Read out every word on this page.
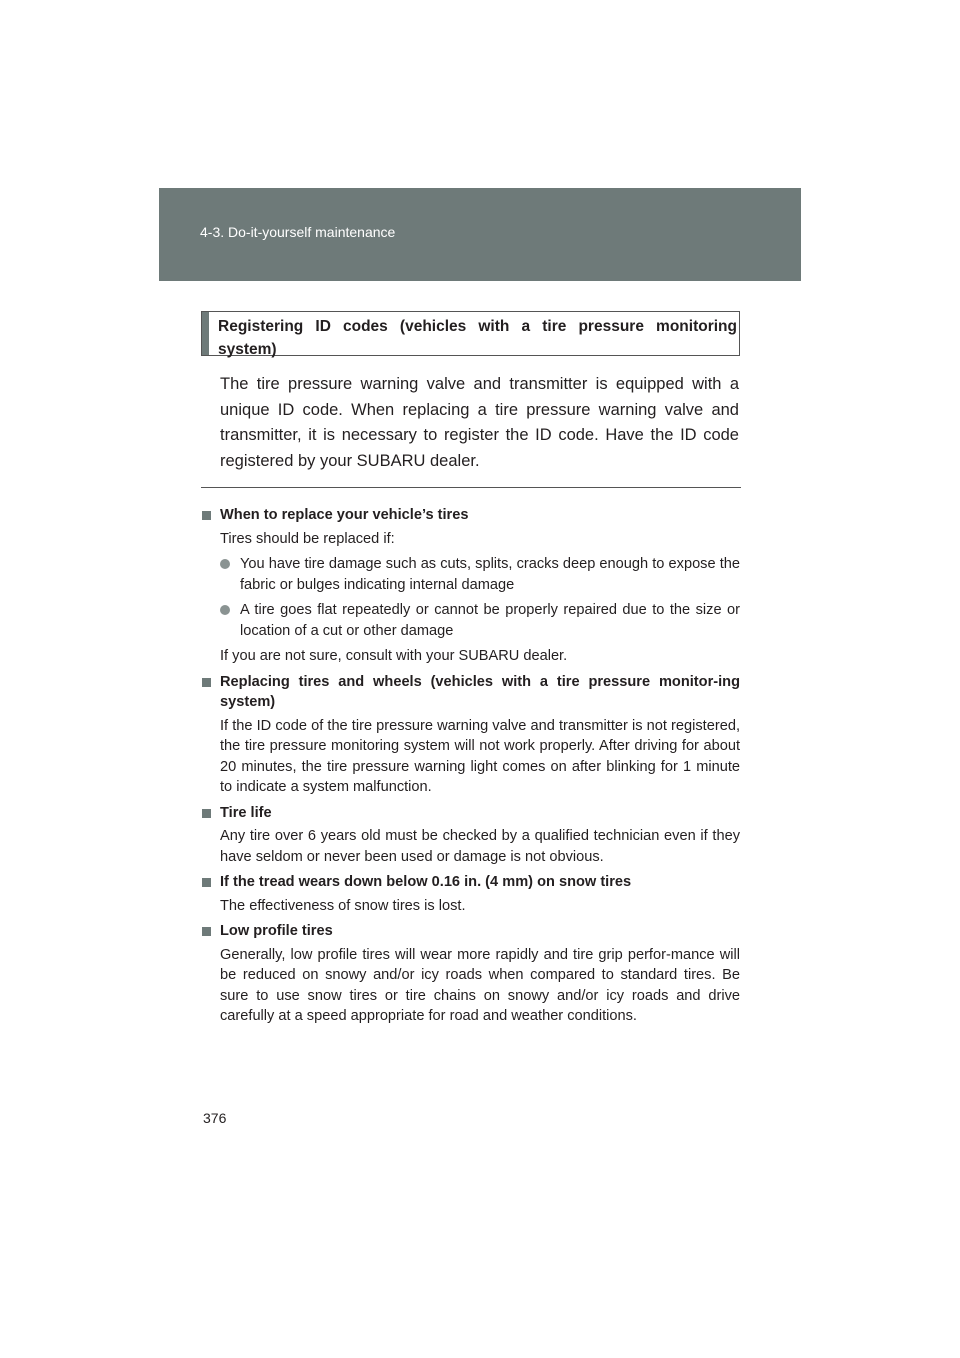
4-3. Do-it-yourself maintenance
Registering ID codes (vehicles with a tire pressure monitoring system)
The tire pressure warning valve and transmitter is equipped with a unique ID code. When replacing a tire pressure warning valve and transmitter, it is necessary to register the ID code. Have the ID code registered by your SUBARU dealer.
When to replace your vehicle’s tires
Tires should be replaced if:
You have tire damage such as cuts, splits, cracks deep enough to expose the fabric or bulges indicating internal damage
A tire goes flat repeatedly or cannot be properly repaired due to the size or location of a cut or other damage
If you are not sure, consult with your SUBARU dealer.
Replacing tires and wheels (vehicles with a tire pressure monitor-ing system)
If the ID code of the tire pressure warning valve and transmitter is not registered, the tire pressure monitoring system will not work properly. After driving for about 20 minutes, the tire pressure warning light comes on after blinking for 1 minute to indicate a system malfunction.
Tire life
Any tire over 6 years old must be checked by a qualified technician even if they have seldom or never been used or damage is not obvious.
If the tread wears down below 0.16 in. (4 mm) on snow tires
The effectiveness of snow tires is lost.
Low profile tires
Generally, low profile tires will wear more rapidly and tire grip perfor-mance will be reduced on snowy and/or icy roads when compared to standard tires. Be sure to use snow tires or tire chains on snowy and/or icy roads and drive carefully at a speed appropriate for road and weather conditions.
376
